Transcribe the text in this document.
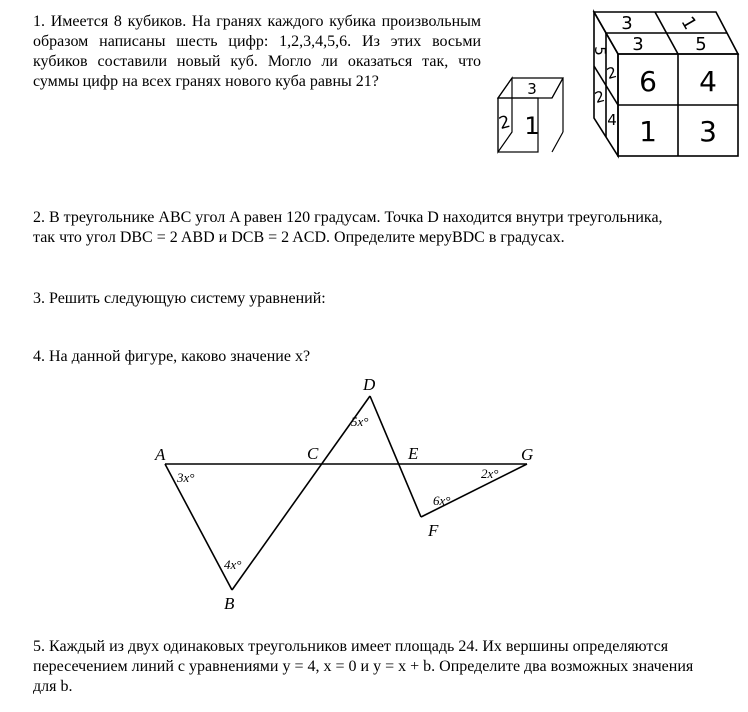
1. Имеется 8 кубиков. На гранях каждого кубика произвольным образом написаны шесть цифр: 1,2,3,4,5,6. Из этих восьми кубиков составили новый куб. Могло ли оказаться так, что суммы цифр на всех гранях нового куба равны 21?

2. В треугольнике ABC угол A равен 120 градусам. Точка D находится внутри треугольника, так что угол DBC = 2 ABD и DCB = 2 ACD. Определите меруBDC в градусах.

3. Решить следующую систему уравнений:

4. На данной фигуре, каково значение x?

5. Каждый из двух одинаковых треугольников имеет площадь 24. Их вершины определяются пересечением линий с уравнениями y = 4, x = 0 и y = x + b. Определите два возможных значения для b.

3
2 1
3 1
3	5
6 4
1 3
5
2
2
4
A
B
C
D
E
F
G
3x°
4x°
5x°
6x°
2x°
